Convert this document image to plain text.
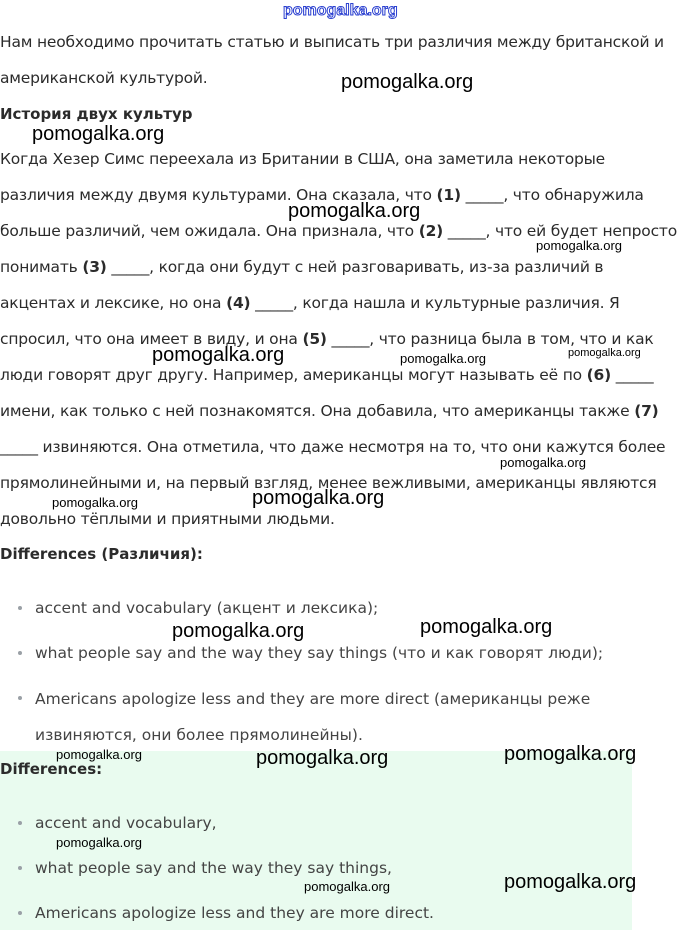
pomogalka.org

Нам необходимо прочитать статью и выписать три различия между британской и американской культурой.

История двух культур

Когда Хезер Симс переехала из Британии в США, она заметила некоторые различия между двумя культурами. Она сказала, что (1) _____, что обнаружила больше различий, чем ожидала. Она признала, что (2) _____, что ей будет непросто понимать (3) _____, когда они будут с ней разговаривать, из-за различий в акцентах и лексике, но она (4) _____, когда нашла и культурные различия. Я спросил, что она имеет в виду, и она (5) _____, что разница была в том, что и как люди говорят друг другу. Например, американцы могут называть её по (6) _____ имени, как только с ней познакомятся. Она добавила, что американцы также (7) _____ извиняются. Она отметила, что даже несмотря на то, что они кажутся более прямолинейными и, на первый взгляд, менее вежливыми, американцы являются довольно тёплыми и приятными людьми.

Differences (Различия):
accent and vocabulary (акцент и лексика);
what people say and the way they say things (что и как говорят люди);
Americans apologize less and they are more direct (американцы реже извиняются, они более прямолинейны).
Differences:
accent and vocabulary,
what people say and the way they say things,
Americans apologize less and they are more direct.
pomogalka.org
pomogalka.org
pomogalka.org
pomogalka.org
pomogalka.org	pomogalka.org	pomogalka.org
pomogalka.org
pomogalka.org	pomogalka.org
pomogalka.org	pomogalka.org
pomogalka.org	pomogalka.org	pomogalka.org
pomogalka.org
pomogalka.org	pomogalka.org
